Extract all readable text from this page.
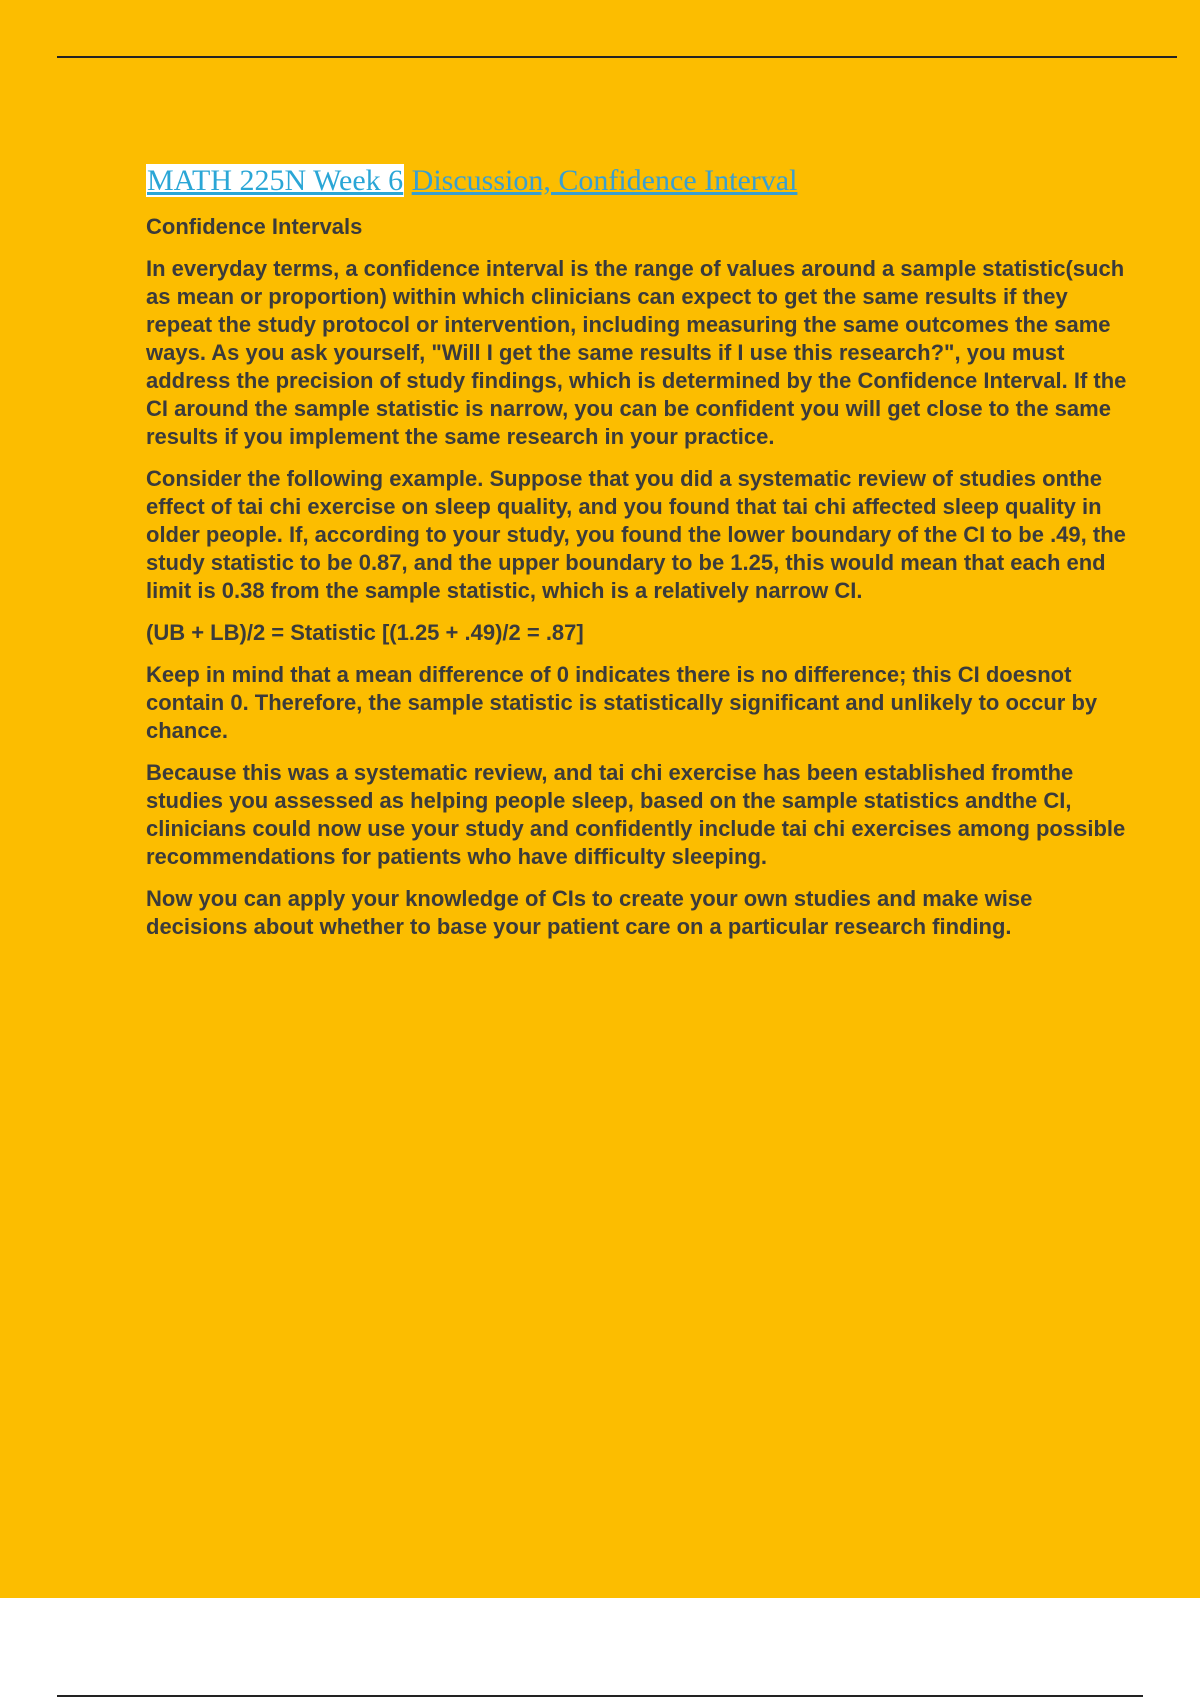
MATH 225N Week 6 Discussion, Confidence Interval
Confidence Intervals

In everyday terms, a confidence interval is the range of values around a sample statistic(such as mean or proportion) within which clinicians can expect to get the same results if they repeat the study protocol or intervention, including measuring the same outcomes the same ways. As you ask yourself, "Will I get the same results if I use this research?", you must address the precision of study findings, which is determined by the Confidence Interval. If the CI around the sample statistic is narrow, you can be confident you will get close to the same results if you implement the same research in your practice.

Consider the following example. Suppose that you did a systematic review of studies onthe effect of tai chi exercise on sleep quality, and you found that tai chi affected sleep quality in older people. If, according to your study, you found the lower boundary of the CI to be .49, the study statistic to be 0.87, and the upper boundary to be 1.25, this would mean that each end limit is 0.38 from the sample statistic, which is a relatively narrow CI.

(UB + LB)/2 = Statistic [(1.25 + .49)/2 = .87]

Keep in mind that a mean difference of 0 indicates there is no difference; this CI doesnot contain 0. Therefore, the sample statistic is statistically significant and unlikely to occur by chance.

Because this was a systematic review, and tai chi exercise has been established fromthe studies you assessed as helping people sleep, based on the sample statistics andthe CI, clinicians could now use your study and confidently include tai chi exercises among possible recommendations for patients who have difficulty sleeping.

Now you can apply your knowledge of CIs to create your own studies and make wise decisions about whether to base your patient care on a particular research finding.
